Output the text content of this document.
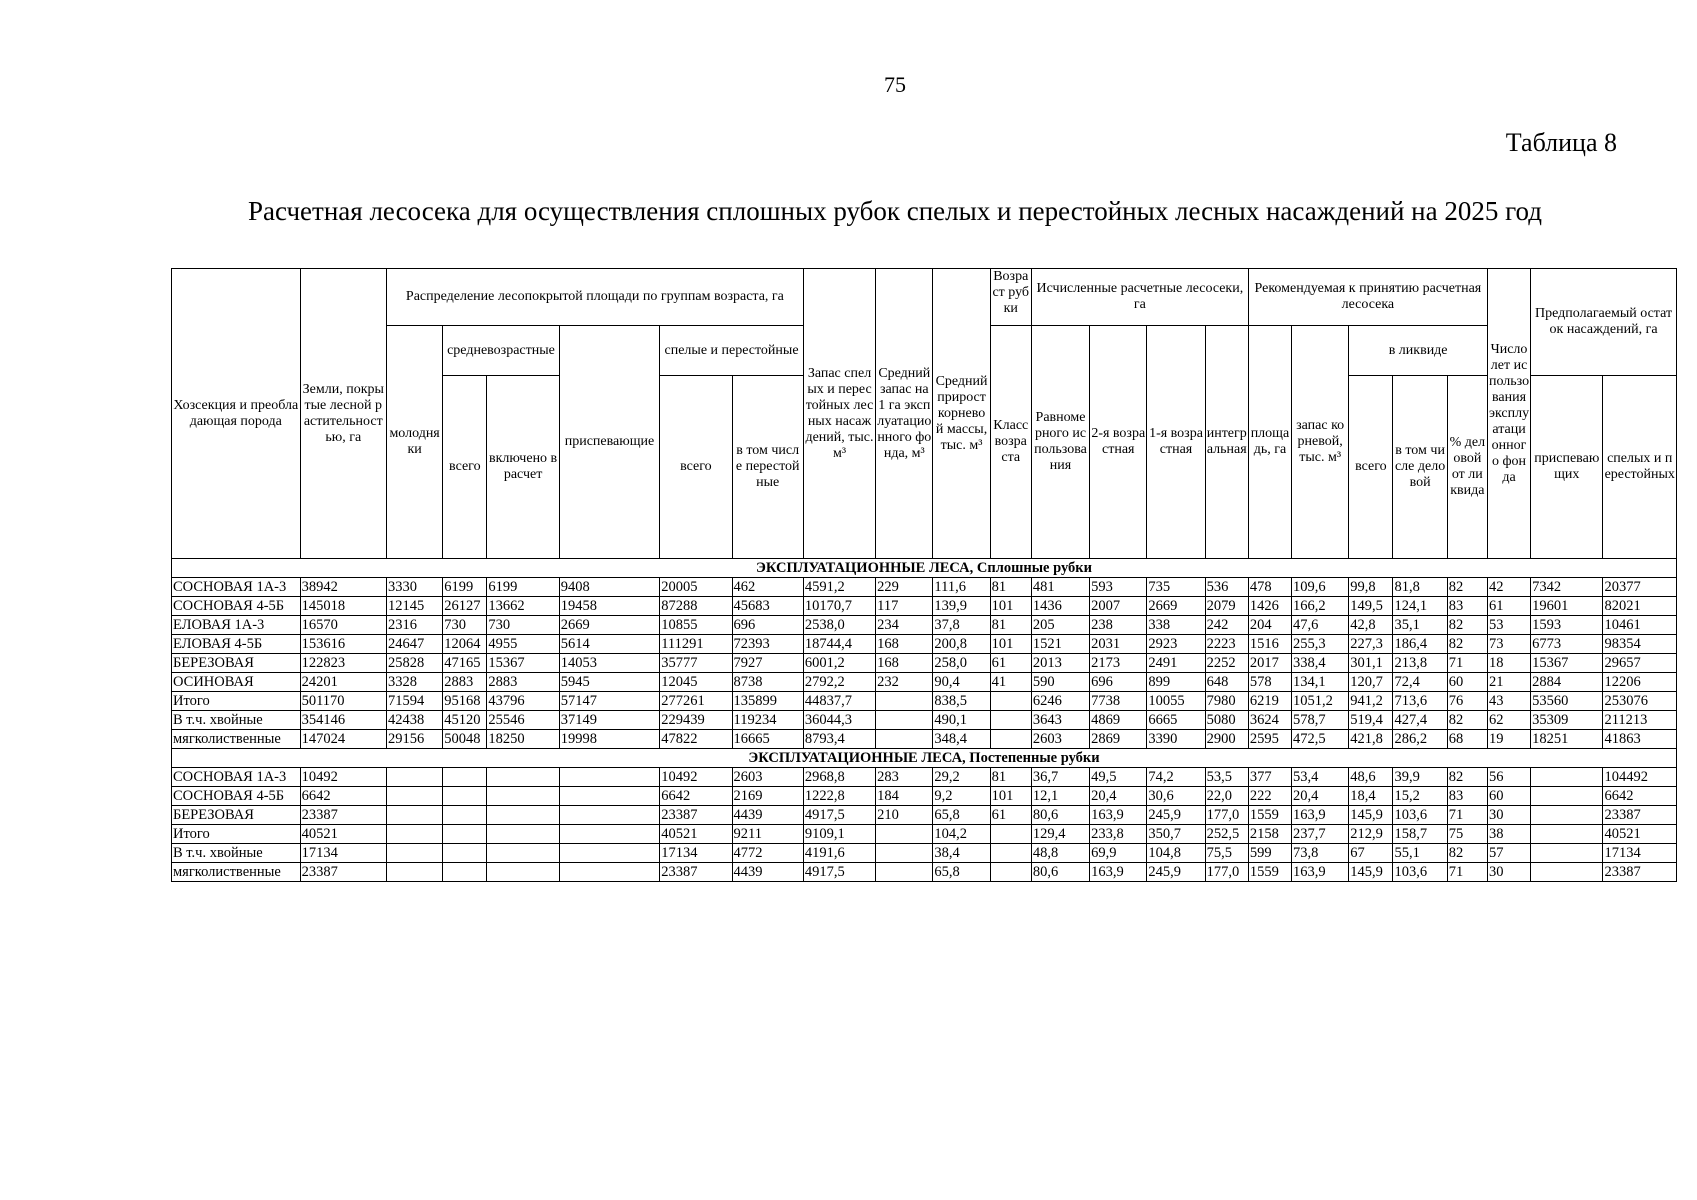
75
Таблица 8
Расчетная лесосека для осуществления сплошных рубок спелых и перестойных лесных насаждений на 2025 год
Хозсекция и преобладающая порода	Земли, покрытые лесной растительностью, га	Распределение лесопокрытой площади по группам возраста, га						Запас спелых и перестойных лесных насаждений, тыс. м³	Средний запас на 1 га эксплуатационного фонда, м³	Средний прирост корневой массы, тыс. м³	Возраст рубки	Исчисленные расчетные лесосеки, га				Рекомендуемая к принятию расчетная лесосека					Число лет использования эксплуатационного фонда	Предполагаемый остаток насаждений, га	
		молодняки	средневозрастные		приспевающие	спелые и перестойные					Класс возраста	Равномерного использования	2-я возрастная	1-я возрастная	интегральная	площадь, га	запас корневой, тыс. м³	в ликвиде					
			всего	включено в расчет		всего	в том числе перестойные											всего	в том числе деловой	% деловой от ликвида		приспевающих	спелых и перестойных
ЭКСПЛУАТАЦИОННЫЕ ЛЕСА, Сплошные рубки																							
СОСНОВАЯ 1А-3	38942	3330	6199	6199	9408	20005	462	4591,2	229	111,6	81	481	593	735	536	478	109,6	99,8	81,8	82	42	7342	20377
СОСНОВАЯ 4-5Б	145018	12145	26127	13662	19458	87288	45683	10170,7	117	139,9	101	1436	2007	2669	2079	1426	166,2	149,5	124,1	83	61	19601	82021
ЕЛОВАЯ 1А-3	16570	2316	730	730	2669	10855	696	2538,0	234	37,8	81	205	238	338	242	204	47,6	42,8	35,1	82	53	1593	10461
ЕЛОВАЯ 4-5Б	153616	24647	12064	4955	5614	111291	72393	18744,4	168	200,8	101	1521	2031	2923	2223	1516	255,3	227,3	186,4	82	73	6773	98354
БЕРЕЗОВАЯ	122823	25828	47165	15367	14053	35777	7927	6001,2	168	258,0	61	2013	2173	2491	2252	2017	338,4	301,1	213,8	71	18	15367	29657
ОСИНОВАЯ	24201	3328	2883	2883	5945	12045	8738	2792,2	232	90,4	41	590	696	899	648	578	134,1	120,7	72,4	60	21	2884	12206
Итого	501170	71594	95168	43796	57147	277261	135899	44837,7		838,5		6246	7738	10055	7980	6219	1051,2	941,2	713,6	76	43	53560	253076
В т.ч. хвойные	354146	42438	45120	25546	37149	229439	119234	36044,3		490,1		3643	4869	6665	5080	3624	578,7	519,4	427,4	82	62	35309	211213
мягколиственные	147024	29156	50048	18250	19998	47822	16665	8793,4		348,4		2603	2869	3390	2900	2595	472,5	421,8	286,2	68	19	18251	41863
ЭКСПЛУАТАЦИОННЫЕ ЛЕСА, Постепенные рубки																							
СОСНОВАЯ 1А-3	10492					10492	2603	2968,8	283	29,2	81	36,7	49,5	74,2	53,5	377	53,4	48,6	39,9	82	56		104492
СОСНОВАЯ 4-5Б	6642					6642	2169	1222,8	184	9,2	101	12,1	20,4	30,6	22,0	222	20,4	18,4	15,2	83	60		6642
БЕРЕЗОВАЯ	23387					23387	4439	4917,5	210	65,8	61	80,6	163,9	245,9	177,0	1559	163,9	145,9	103,6	71	30		23387
Итого	40521					40521	9211	9109,1		104,2		129,4	233,8	350,7	252,5	2158	237,7	212,9	158,7	75	38		40521
В т.ч. хвойные	17134					17134	4772	4191,6		38,4		48,8	69,9	104,8	75,5	599	73,8	67	55,1	82	57		17134
мягколиственные	23387					23387	4439	4917,5		65,8		80,6	163,9	245,9	177,0	1559	163,9	145,9	103,6	71	30		23387
